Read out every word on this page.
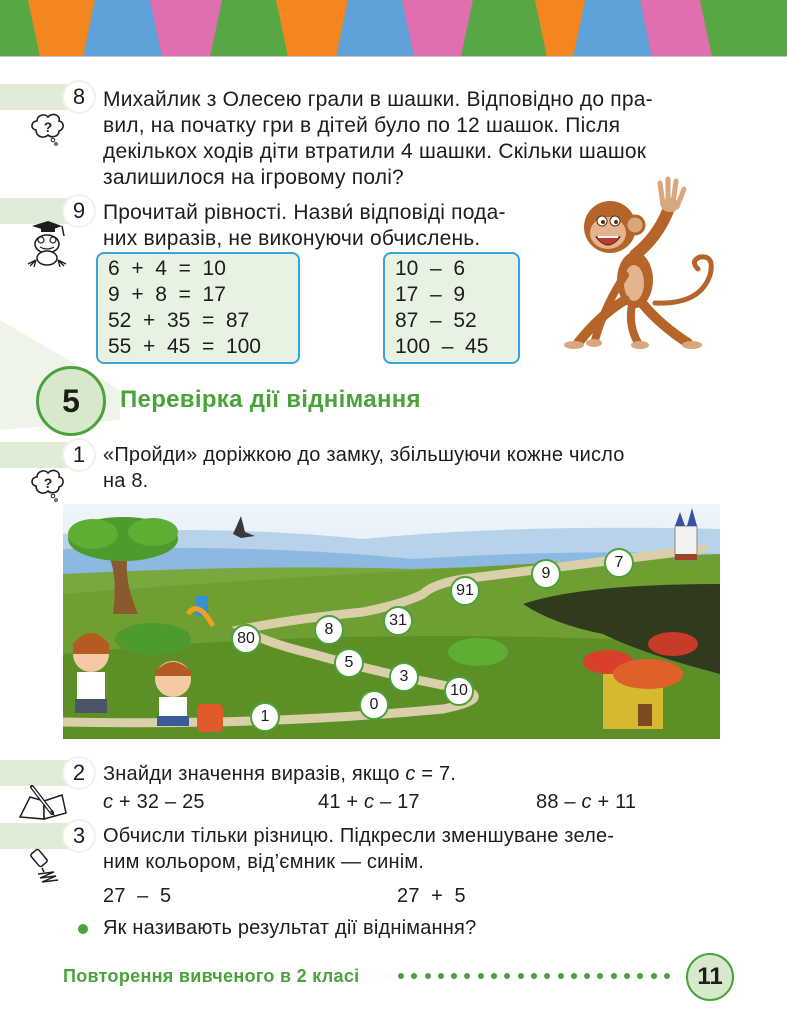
8
?
Михайлик з Олесею грали в шашки. Відповідно до пра-
вил, на початку гри в дітей було по 12 шашок. Після
декількох ходів діти втратили 4 шашки. Скільки шашок
залишилося на ігровому полі?
9 Прочитай рівності. Назви́ відповіді пода-
них виразів, не виконуючи обчислень.
6  +  4  =  10
9  +  8  =  17
52  +  35  =  87
55  +  45  =  100
10  –  6
17  –  9
87  –  52
100  –  45
5	Перевірка дії віднімання
1
?
«Пройди» доріжкою до замку, збільшуючи кожне число
на 8.
1
0
10
3
5
80
8
31
91
9
7
2 Знайди значення виразів, якщо с = 7.
с + 32 – 25	41 + с – 17	88 – с + 11
3 Обчисли тільки різницю. Підкресли зменшуване зеле-
ним кольором, від’ємник — синім.
27  –  5	27  +  5
Як називають результат дії віднімання?
Повторення вивченого в 2 класі	11
